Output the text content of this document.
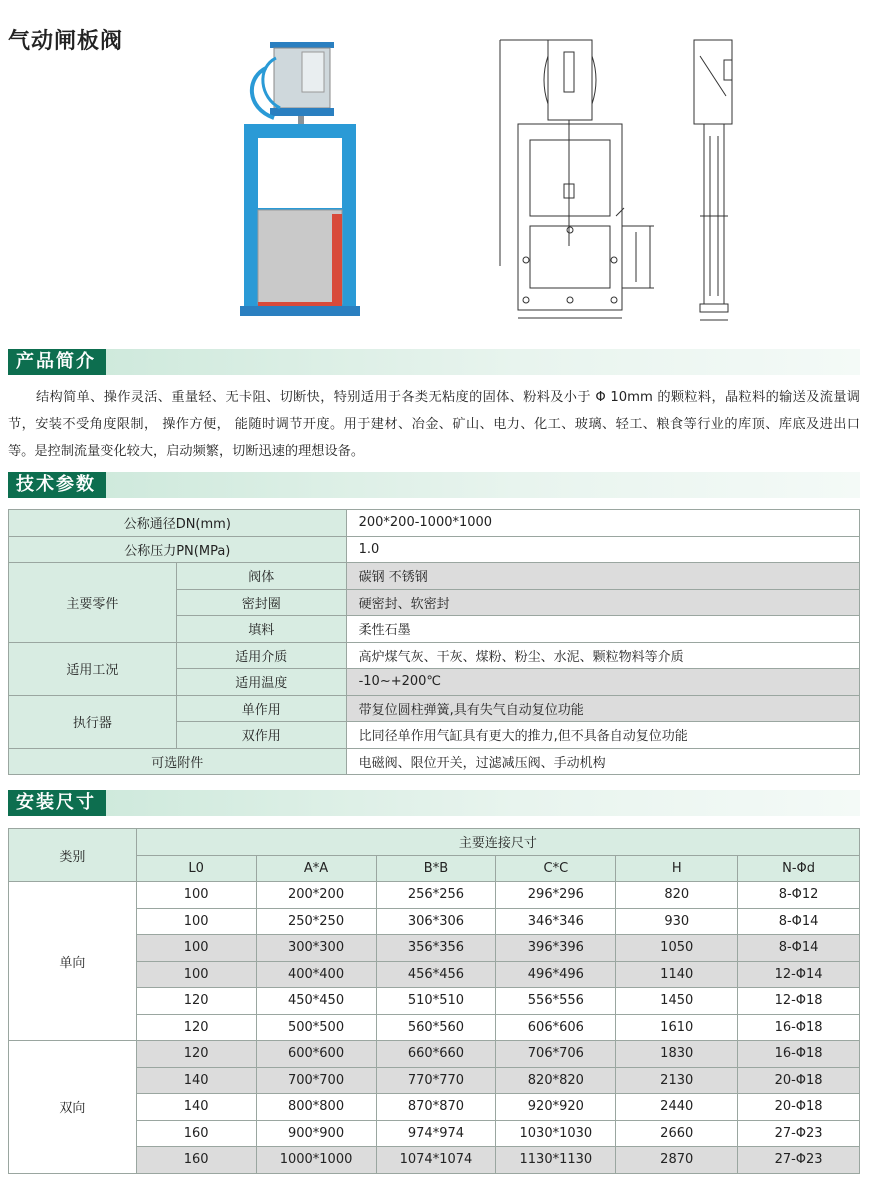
气动闸板阀
产品简介
结构简单、操作灵活、重量轻、无卡阻、切断快，特别适用于各类无粘度的固体、粉料及小于 Φ 10mm 的颗粒料，晶粒料的输送及流量调节，安装不受角度限制， 操作方便， 能随时调节开度。用于建材、冶金、矿山、电力、化工、玻璃、轻工、粮食等行业的库顶、库底及进出口等。是控制流量变化较大，启动频繁，切断迅速的理想设备。
技术参数
公称通径DN(mm)		200*200-1000*1000
公称压力PN(MPa)		1.0
主要零件	阀体	碳钢 不锈钢
	密封圈	硬密封、软密封
	填料	柔性石墨
适用工况	适用介质	高炉煤气灰、干灰、煤粉、粉尘、水泥、颗粒物料等介质
	适用温度	-10~+200℃
执行器	单作用	带复位圆柱弹簧,具有失气自动复位功能
	双作用	比同径单作用气缸具有更大的推力,但不具备自动复位功能
可选附件		电磁阀、限位开关，过滤减压阀、手动机构
安装尺寸
类别	主要连接尺寸					
	L0	A*A	B*B	C*C	H	N-Φd
单向	100	200*200	256*256	296*296	820	8-Φ12
	100	250*250	306*306	346*346	930	8-Φ14
	100	300*300	356*356	396*396	1050	8-Φ14
	100	400*400	456*456	496*496	1140	12-Φ14
	120	450*450	510*510	556*556	1450	12-Φ18
	120	500*500	560*560	606*606	1610	16-Φ18
双向	120	600*600	660*660	706*706	1830	16-Φ18
	140	700*700	770*770	820*820	2130	20-Φ18
	140	800*800	870*870	920*920	2440	20-Φ18
	160	900*900	974*974	1030*1030	2660	27-Φ23
	160	1000*1000	1074*1074	1130*1130	2870	27-Φ23
